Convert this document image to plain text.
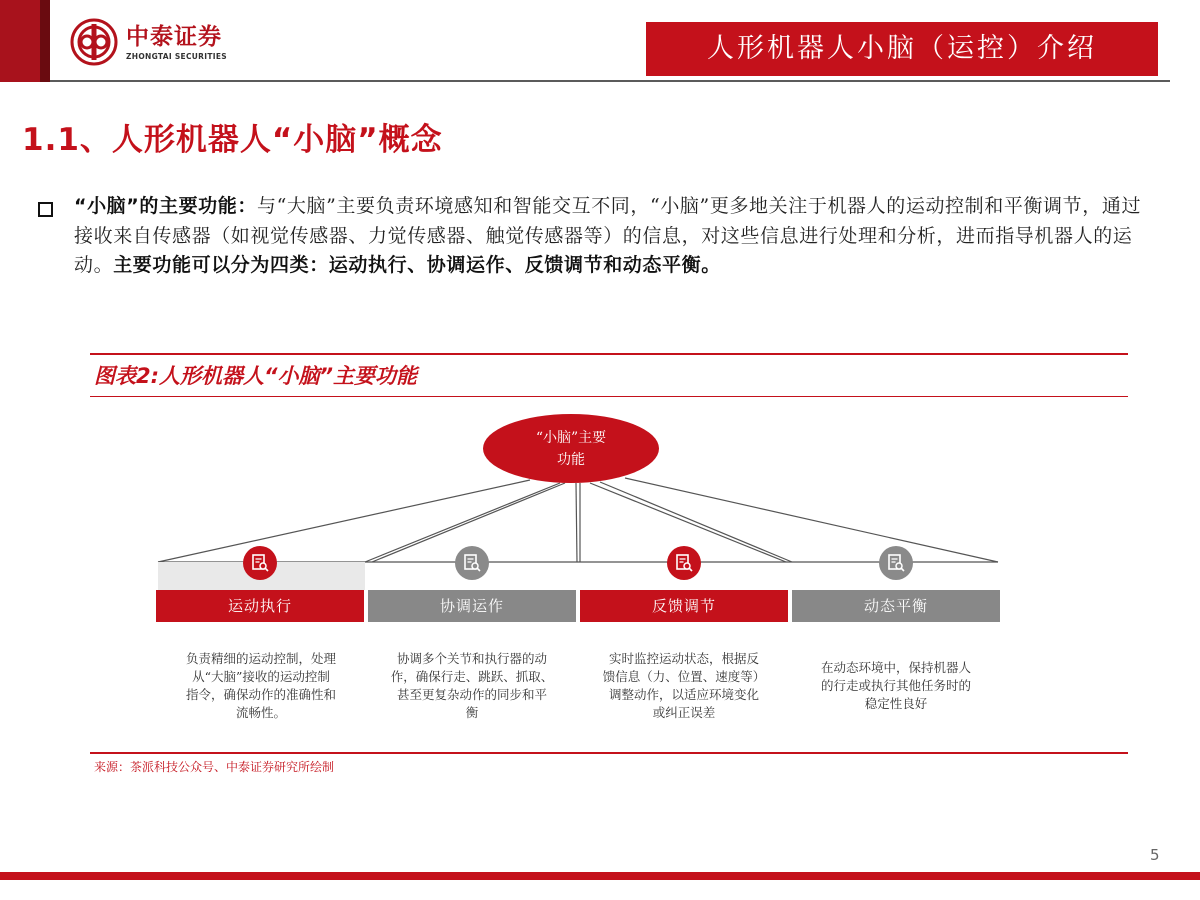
中泰证券
ZHONGTAI SECURITIES	人形机器人小脑（运控）介绍
1.1、人形机器人“小脑”概念
“小脑”的主要功能：与“大脑”主要负责环境感知和智能交互不同，“小脑”更多地关注于机器人的运动控制和平衡调节，通过接收来自传感器（如视觉传感器、力觉传感器、触觉传感器等）的信息，对这些信息进行处理和分析，进而指导机器人的运动。主要功能可以分为四类：运动执行、协调运作、反馈调节和动态平衡。
图表2:人形机器人“小脑”主要功能
“小脑”主要
功能
运动执行	协调运作	反馈调节	动态平衡
负责精细的运动控制，处理
从“大脑”接收的运动控制
指令，确保动作的准确性和
流畅性。
协调多个关节和执行器的动
作，确保行走、跳跃、抓取、
甚至更复杂动作的同步和平
衡
实时监控运动状态，根据反
馈信息（力、位置、速度等）
调整动作，以适应环境变化
或纠正误差
在动态环境中，保持机器人
的行走或执行其他任务时的
稳定性良好
来源：茶派科技公众号、中泰证券研究所绘制
5
